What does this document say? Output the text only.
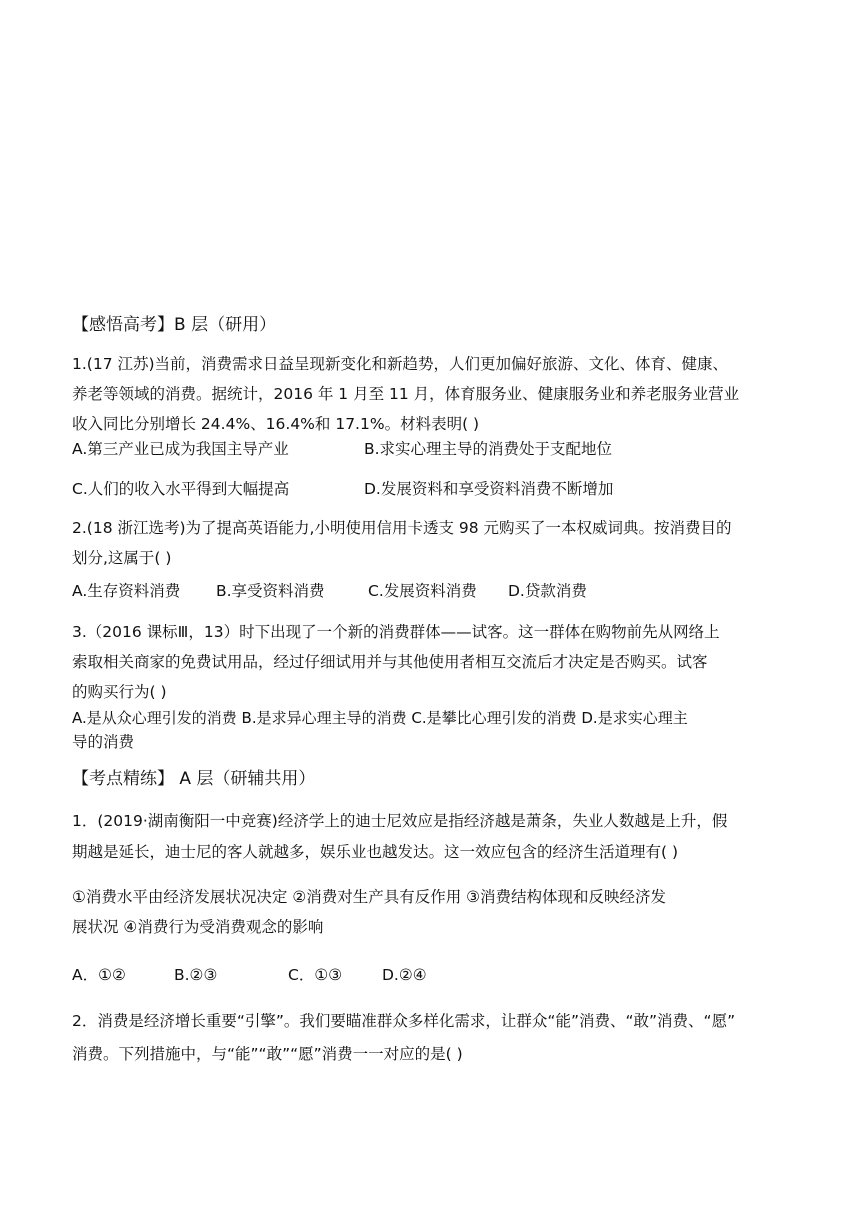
【感悟高考】B 层（研用）

1.(17 江苏)当前，消费需求日益呈现新变化和新趋势，人们更加偏好旅游、文化、体育、健康、

养老等领域的消费。据统计，2016 年 1 月至 11 月，体育服务业、健康服务业和养老服务业营业

收入同比分别增长 24.4%、16.4%和 17.1%。材料表明( )

A.第三产业已成为我国主导产业	B.求实心理主导的消费处于支配地位
C.人们的收入水平得到大幅提高	D.发展资料和享受资料消费不断增加

2.(18 浙江选考)为了提高英语能力,小明使用信用卡透支 98 元购买了一本权威词典。按消费目的

划分,这属于( )

A.生存资料消费 B.享受资料消费	C.发展资料消费 D.贷款消费

3.（2016 课标Ⅲ，13）时下出现了一个新的消费群体——试客。这一群体在购物前先从网络上

索取相关商家的免费试用品，经过仔细试用并与其他使用者相互交流后才决定是否购买。试客

的购买行为( )

A.是从众心理引发的消费 B.是求异心理主导的消费 C.是攀比心理引发的消费 D.是求实心理主

导的消费

【考点精练】 A 层（研辅共用）

1．(2019·湖南衡阳一中竞赛)经济学上的迪士尼效应是指经济越是萧条，失业人数越是上升，假

期越是延长，迪士尼的客人就越多，娱乐业也越发达。这一效应包含的经济生活道理有( )

①消费水平由经济发展状况决定 ②消费对生产具有反作用 ③消费结构体现和反映经济发

展状况 ④消费行为受消费观念的影响

A．①②	B.②③	C．①③	D.②④

2．消费是经济增长重要“引擎”。我们要瞄准群众多样化需求，让群众“能”消费、“敢”消费、“愿”

消费。下列措施中，与“能”“敢”“愿”消费一一对应的是( )
